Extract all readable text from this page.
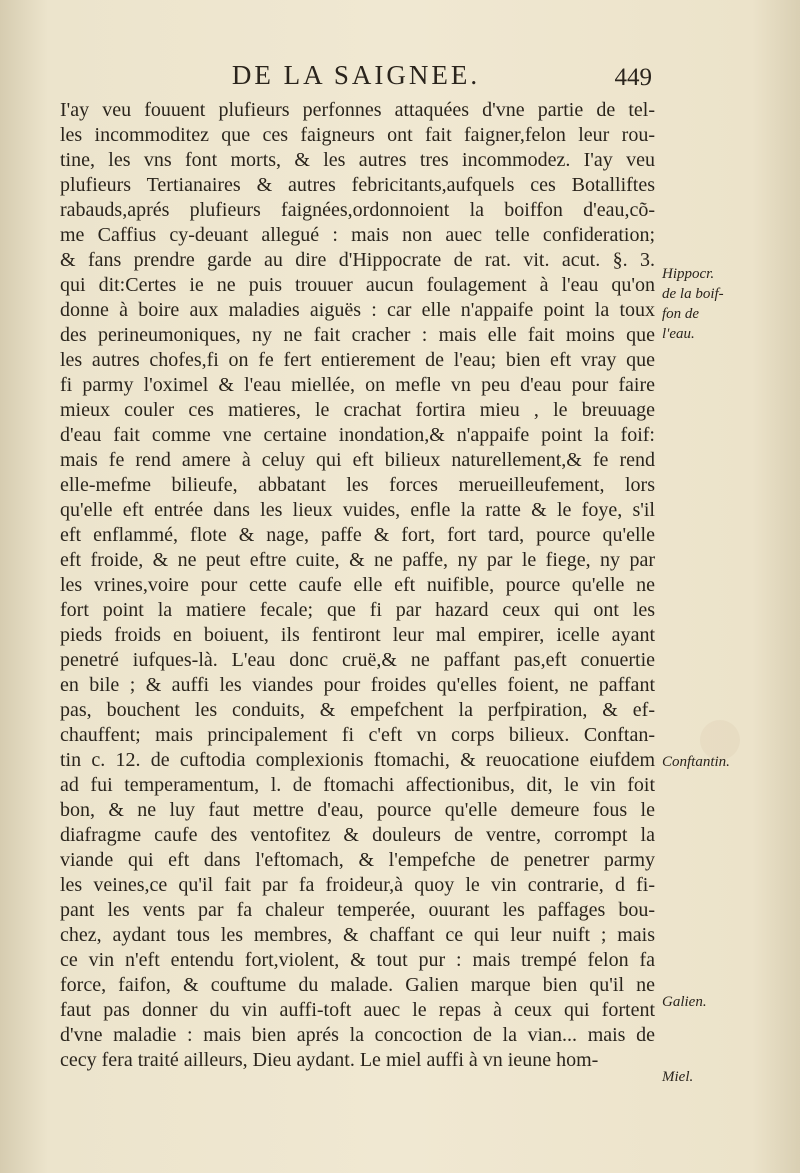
DE LA SAIGNEE.	449
I'ay veu fouuent plufieurs perfonnes attaquées d'vne partie de tel-
les incommoditez que ces faigneurs ont fait faigner,felon leur rou-
tine, les vns font morts, & les autres tres incommodez. I'ay veu
plufieurs Tertianaires & autres febricitants,aufquels ces Botalliftes
rabauds,aprés plufieurs faignées,ordonnoient la boiffon d'eau,cõ-
me Caffius cy-deuant allegué : mais non auec telle confideration;
& fans prendre garde au dire d'Hippocrate de rat. vit. acut. §. 3.
qui dit:Certes ie ne puis trouuer aucun foulagement à l'eau qu'on
donne à boire aux maladies aiguës : car elle n'appaife point la toux
des perineumoniques, ny ne fait cracher : mais elle fait moins que
les autres chofes,fi on fe fert entierement de l'eau; bien eft vray que
fi parmy l'oximel & l'eau miellée, on mefle vn peu d'eau pour faire
mieux couler ces matieres, le crachat fortira mieu , le breuuage
d'eau fait comme vne certaine inondation,& n'appaife point la foif:
mais fe rend amere à celuy qui eft bilieux naturellement,& fe rend
elle-mefme bilieufe, abbatant les forces merueilleufement, lors
qu'elle eft entrée dans les lieux vuides, enfle la ratte & le foye, s'il
eft enflammé, flote & nage, paffe & fort, fort tard, pource qu'elle
eft froide, & ne peut eftre cuite, & ne paffe, ny par le fiege, ny par
les vrines,voire pour cette caufe elle eft nuifible, pource qu'elle ne
fort point la matiere fecale; que fi par hazard ceux qui ont les
pieds froids en boiuent, ils fentiront leur mal empirer, icelle ayant
penetré iufques-là. L'eau donc cruë,& ne paffant pas,eft conuertie
en bile ; & auffi les viandes pour froides qu'elles foient, ne paffant
pas, bouchent les conduits, & empefchent la perfpiration, & ef-
chauffent; mais principalement fi c'eft vn corps bilieux. Conftan-
tin c. 12. de cuftodia complexionis ftomachi, & reuocatione eiufdem
ad fui temperamentum, l. de ftomachi affectionibus, dit, le vin foit
bon, & ne luy faut mettre d'eau, pource qu'elle demeure fous le
diafragme caufe des ventofitez & douleurs de ventre, corrompt la
viande qui eft dans l'eftomach, & l'empefche de penetrer parmy
les veines,ce qu'il fait par fa froideur,à quoy le vin contrarie, d fi-
pant les vents par fa chaleur temperée, ouurant les paffages bou-
chez, aydant tous les membres, & chaffant ce qui leur nuift ; mais
ce vin n'eft entendu fort,violent, & tout pur : mais trempé felon fa
force, faifon, & couftume du malade. Galien marque bien qu'il ne
faut pas donner du vin auffi-toft auec le repas à ceux qui fortent
d'vne maladie : mais bien aprés la concoction de la vian... mais de
cecy fera traité ailleurs, Dieu aydant. Le miel auffi à vn ieune hom-
Hippocr.
de la boif-
fon de
l'eau.
Conftantin.
Galien.
Miel.
